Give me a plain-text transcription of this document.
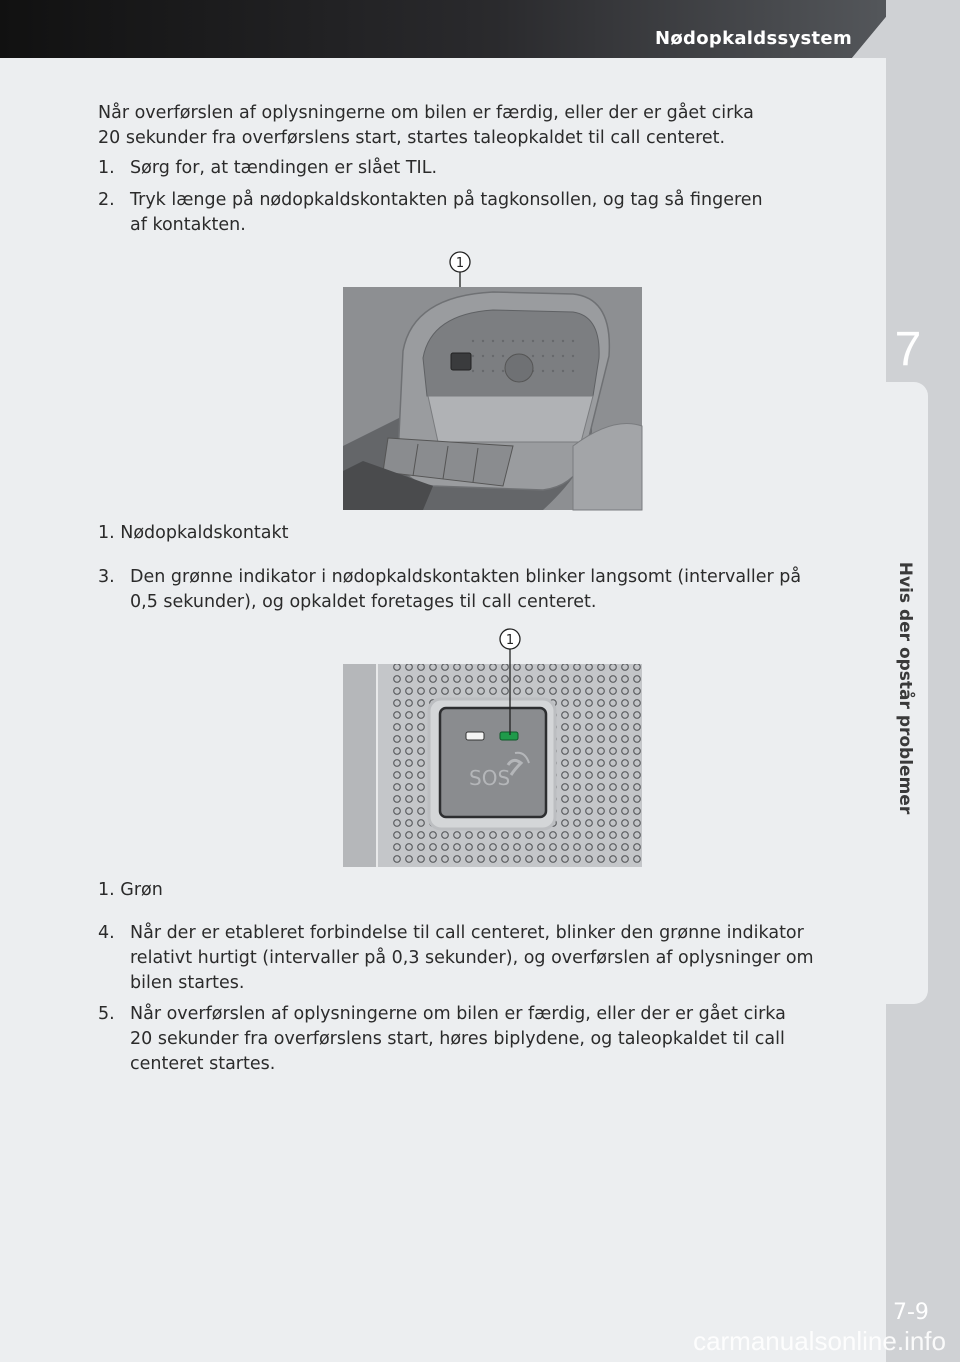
Nødopkaldssystem
7
Hvis der opstår problemer
7-9
carmanualsonline.info
Når overførslen af oplysningerne om bilen er færdig, eller der er gået cirka
20 sekunder fra overførslens start, startes taleopkaldet til call centeret.
1. Sørg for, at tændingen er slået TIL.
2. Tryk længe på nødopkaldskontakten på tagkonsollen, og tag så fingeren
af kontakten.
1
1. Nødopkaldskontakt
3. Den grønne indikator i nødopkaldskontakten blinker langsomt (intervaller på
0,5 sekunder), og opkaldet foretages til call centeret.
1
SOS
1. Grøn
4. Når der er etableret forbindelse til call centeret, blinker den grønne indikator
relativt hurtigt (intervaller på 0,3 sekunder), og overførslen af oplysninger om
bilen startes.
5. Når overførslen af oplysningerne om bilen er færdig, eller der er gået cirka
20 sekunder fra overførslens start, høres biplydene, og taleopkaldet til call
centeret startes.
